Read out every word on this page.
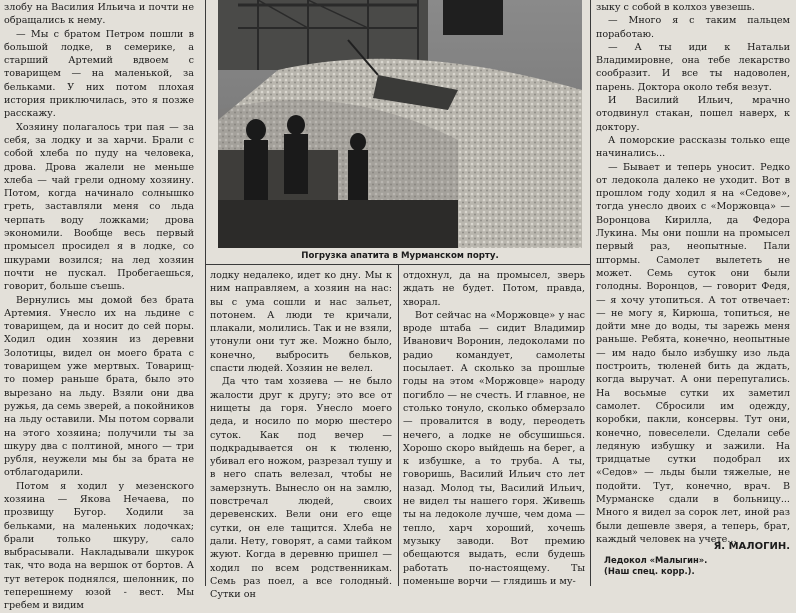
злобу на Василия Ильича и почти не обращались к нему.

— Мы с братом Петром пошли в большой лодке, в семерике, а старший Артемий вдвоем с товарищем — на маленькой, за бельками. У них потом плохая история приключилась, это я позже расскажу.

Хозяину полагалось три пая — за себя, за лодку и за харчи. Брали с собой хлеба по пуду на человека, дрова. Дрова жалели не меньше хлеба — чай грели одному хозяину. Потом, когда начинало солнышко греть, заставляли меня со льда черпать воду ложками; дрова экономили. Вообще весь первый промысел просидел я в лодке, со шкурами возился; на лед хозяин почти не пускал. Пробегаешься, говорит, больше съешь.

Вернулись мы домой без брата Артемия. Унесло их на льдине с товарищем, да и носит до сей поры. Ходил один хозяин из деревни Золотицы, видел он моего брата с товарищем уже мертвых. Товарищ-то помер раньше брата, было это вырезано на льду. Взяли они два ружья, да семь зверей, а покойников на льду оставили. Мы потом сорвали на этого хозяина; получили ты за шкуру два с полтиной, много — три рубля, неужели мы бы за брата не отблагодарили.

Потом я ходил у мезенского хозяина — Якова Нечаева, по прозвищу Бугор. Ходили за бельками, на маленьких лодочках; брали только шкуру, сало выбрасывали. Накладывали шкурок так, что вода на вершок от бортов. А тут ветерок поднялся, шелонник, по теперешнему юзой - вест. Мы гребем и видим

Погрузка апатита в Мурманском порту.

лодку недалеко, идет ко дну. Мы к ним направляем, а хозяин на нас: вы с ума сошли и нас зальет, потонем. А люди те кричали, плакали, молились. Так и не взяли, утонули они тут же. Можно было, конечно, выбросить бельков, спасти людей. Хозяин не велел.

Да что там хозяева — не было жалости друг к другу; это все от нищеты да горя. Унесло моего деда, и носило по морю шестеро суток. Как под вечер — подкрадывается он к тюленю, убивал его ножом, разрезал тушу и в него спать велезал, чтобы не замерзнуть. Вынесло он на замлю, повстречал людей, своих деревенских. Вели они его еще сутки, он еле тащится. Хлеба не дали. Нету, говорят, а сами тайком жуют. Когда в деревню пришел — ходил по всем родственникам. Семь раз поел, а все голодный. Сутки он

отдохнул, да на промысел, зверь ждать не будет. Потом, правда, хворал.

Вот сейчас на «Моржовце» у нас вроде штаба — сидит Владимир Иванович Воронин, ледоколами по радио командует, самолеты посылает. А сколько за прошлые годы на этом «Моржовце» народу погибло — не счесть. И главное, не столько тонуло, сколько обмерзало — провалится в воду, переодеть нечего, а лодке не обсушишься. Хорошо скоро выйдешь на берег, а к избушке, а то труба. А ты, говоришь, Василий Ильич сто лет назад. Молод ты, Василий Ильич, не видел ты нашего горя. Живешь ты на ледоколе лучше, чем дома — тепло, харч хороший, хочешь музыку заводи. Вот премию обещаются выдать, если будешь работать по-настоящему. Ты поменьше ворчи — глядишь и му-

зыку с собой в колхоз увезешь.

— Много я с таким пальцем поработаю.

— А ты иди к Натальи Владимировне, она тебе лекарство сообразит. И все ты надоволен, парень. Доктора около тебя везут.

И Василий Ильич, мрачно отодвинул стакан, пошел наверх, к доктору.

А поморские рассказы только еще начинались...

— Бывает и теперь уносит. Редко от ледокола далеко не уходит. Вот в прошлом году ходил я на «Седове», тогда унесло двоих с «Моржовца» — Воронцова Кирилла, да Федора Лукина. Мы они пошли на промысел первый раз, неопытные. Пали штормы. Самолет вылететь не может. Семь суток они были голодны. Воронцов, — говорит Федя, — я хочу утопиться. А тот отвечает: — не могу я, Кирюша, топиться, не дойти мне до воды, ты зарежь меня раньше. Ребята, конечно, неопытные — им надо было избушку изо льда построить, тюленей бить да ждать, когда выручат. А они перепугались. На восьмые сутки их заметил самолет. Сбросили им одежду, коробки, пакли, консервы. Тут они, конечно, повеселели. Сделали себе ледяную избушку и зажили. На тридцатые сутки подобрал их «Седов» — льды были тяжелые, не подойти. Тут, конечно, врач. В Мурманске сдали в больницу... Много я видел за сорок лет, иной раз были дешевле зверя, а теперь, брат, каждый человек на учете...

Я. МАЛОГИН.
Ледокол «Малыгин».
(Наш спец. корр.).
